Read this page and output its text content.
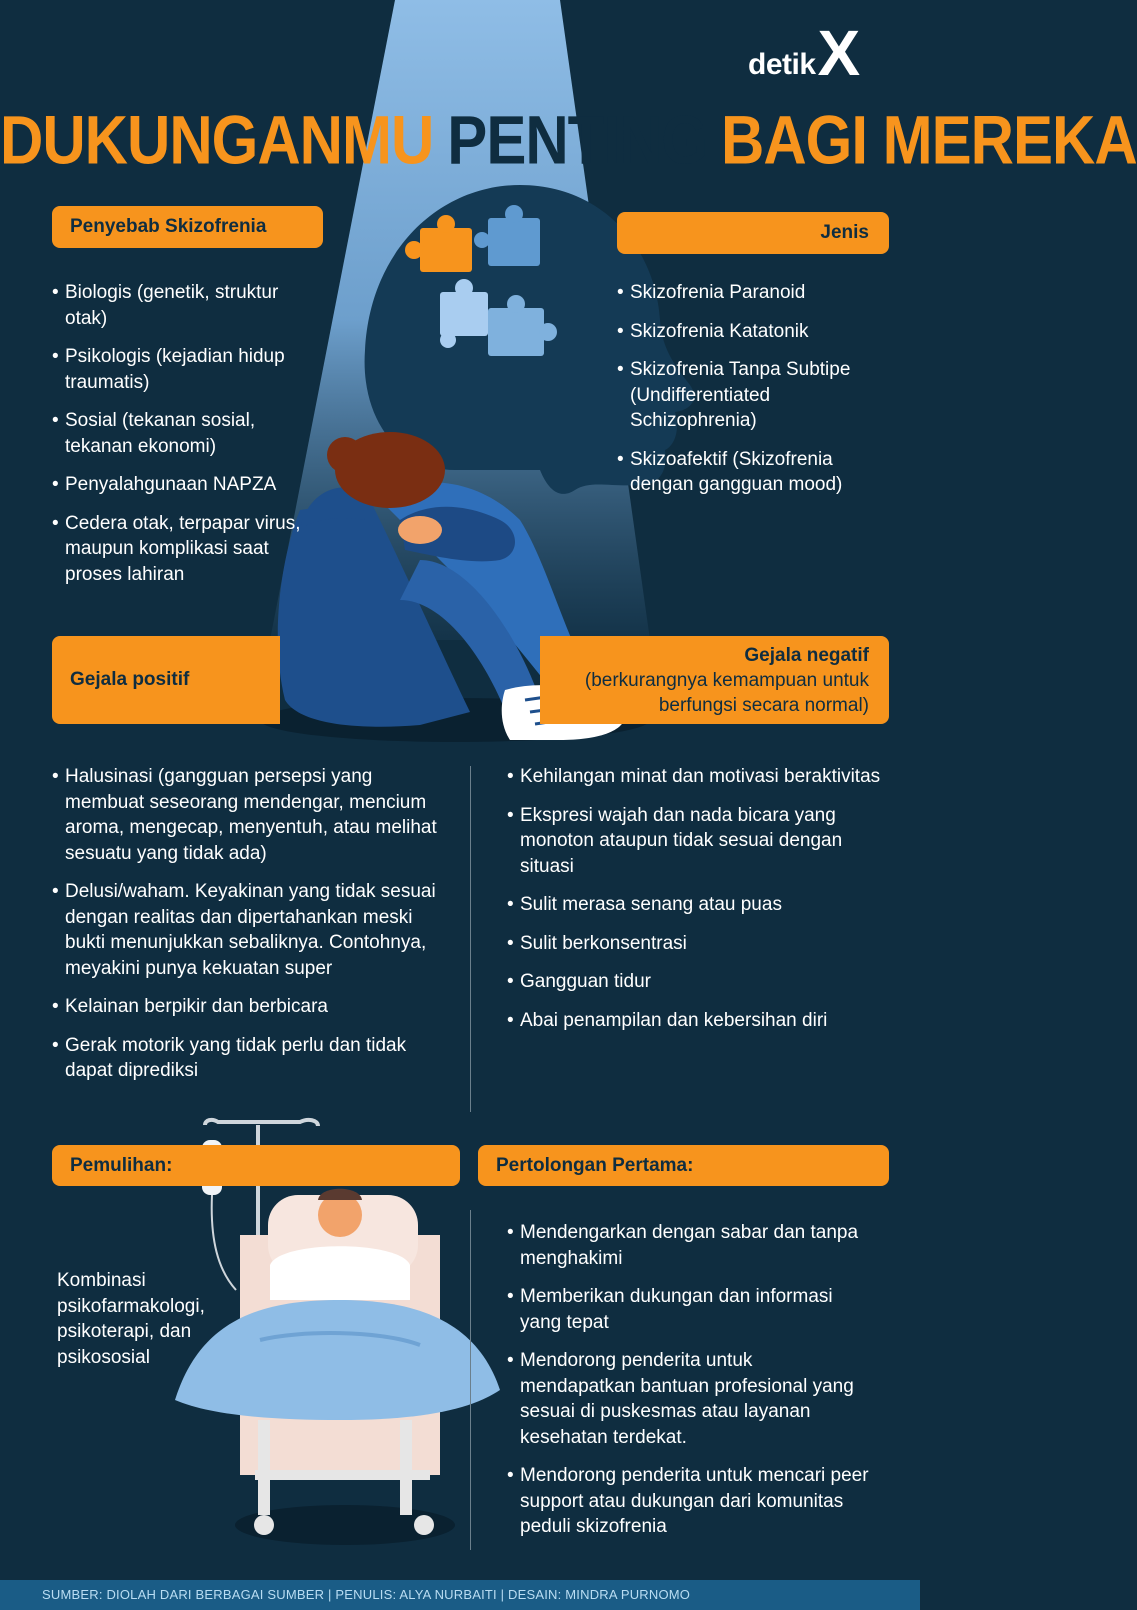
detik X
DUKUNGANMU PENTING BAGI MEREKA
Penyebab Skizofrenia
• Biologis (genetik, struktur otak)
• Psikologis (kejadian hidup traumatis)
• Sosial (tekanan sosial, tekanan ekonomi)
• Penyalahgunaan NAPZA
• Cedera otak, terpapar virus, maupun komplikasi saat proses lahiran
Jenis
• Skizofrenia Paranoid
• Skizofrenia Katatonik
• Skizofrenia Tanpa Subtipe (Undifferentiated Schizophrenia)
• Skizoafektif (Skizofrenia dengan gangguan mood)
Gejala positif
Gejala negatif
(berkurangnya kemampuan untuk berfungsi secara normal)
• Halusinasi (gangguan persepsi yang membuat seseorang mendengar, mencium aroma, mengecap, menyentuh, atau melihat sesuatu yang tidak ada)
• Delusi/waham. Keyakinan yang tidak sesuai dengan realitas dan dipertahankan meski bukti menunjukkan sebaliknya. Contohnya, meyakini punya kekuatan super
• Kelainan berpikir dan berbicara
• Gerak motorik yang tidak perlu dan tidak dapat diprediksi
• Kehilangan minat dan motivasi beraktivitas
• Ekspresi wajah dan nada bicara yang monoton ataupun tidak sesuai dengan situasi
• Sulit merasa senang atau puas
• Sulit berkonsentrasi
• Gangguan tidur
• Abai penampilan dan kebersihan diri
Pemulihan:
Kombinasi psikofarmakologi, psikoterapi, dan psikososial
Pertolongan Pertama:
• Mendengarkan dengan sabar dan tanpa menghakimi
• Memberikan dukungan dan informasi yang tepat
• Mendorong penderita untuk mendapatkan bantuan profesional yang sesuai di puskesmas atau layanan kesehatan terdekat.
• Mendorong penderita untuk mencari peer support atau dukungan dari komunitas peduli skizofrenia
SUMBER: DIOLAH DARI BERBAGAI SUMBER | PENULIS: ALYA NURBAITI | DESAIN: MINDRA PURNOMO
